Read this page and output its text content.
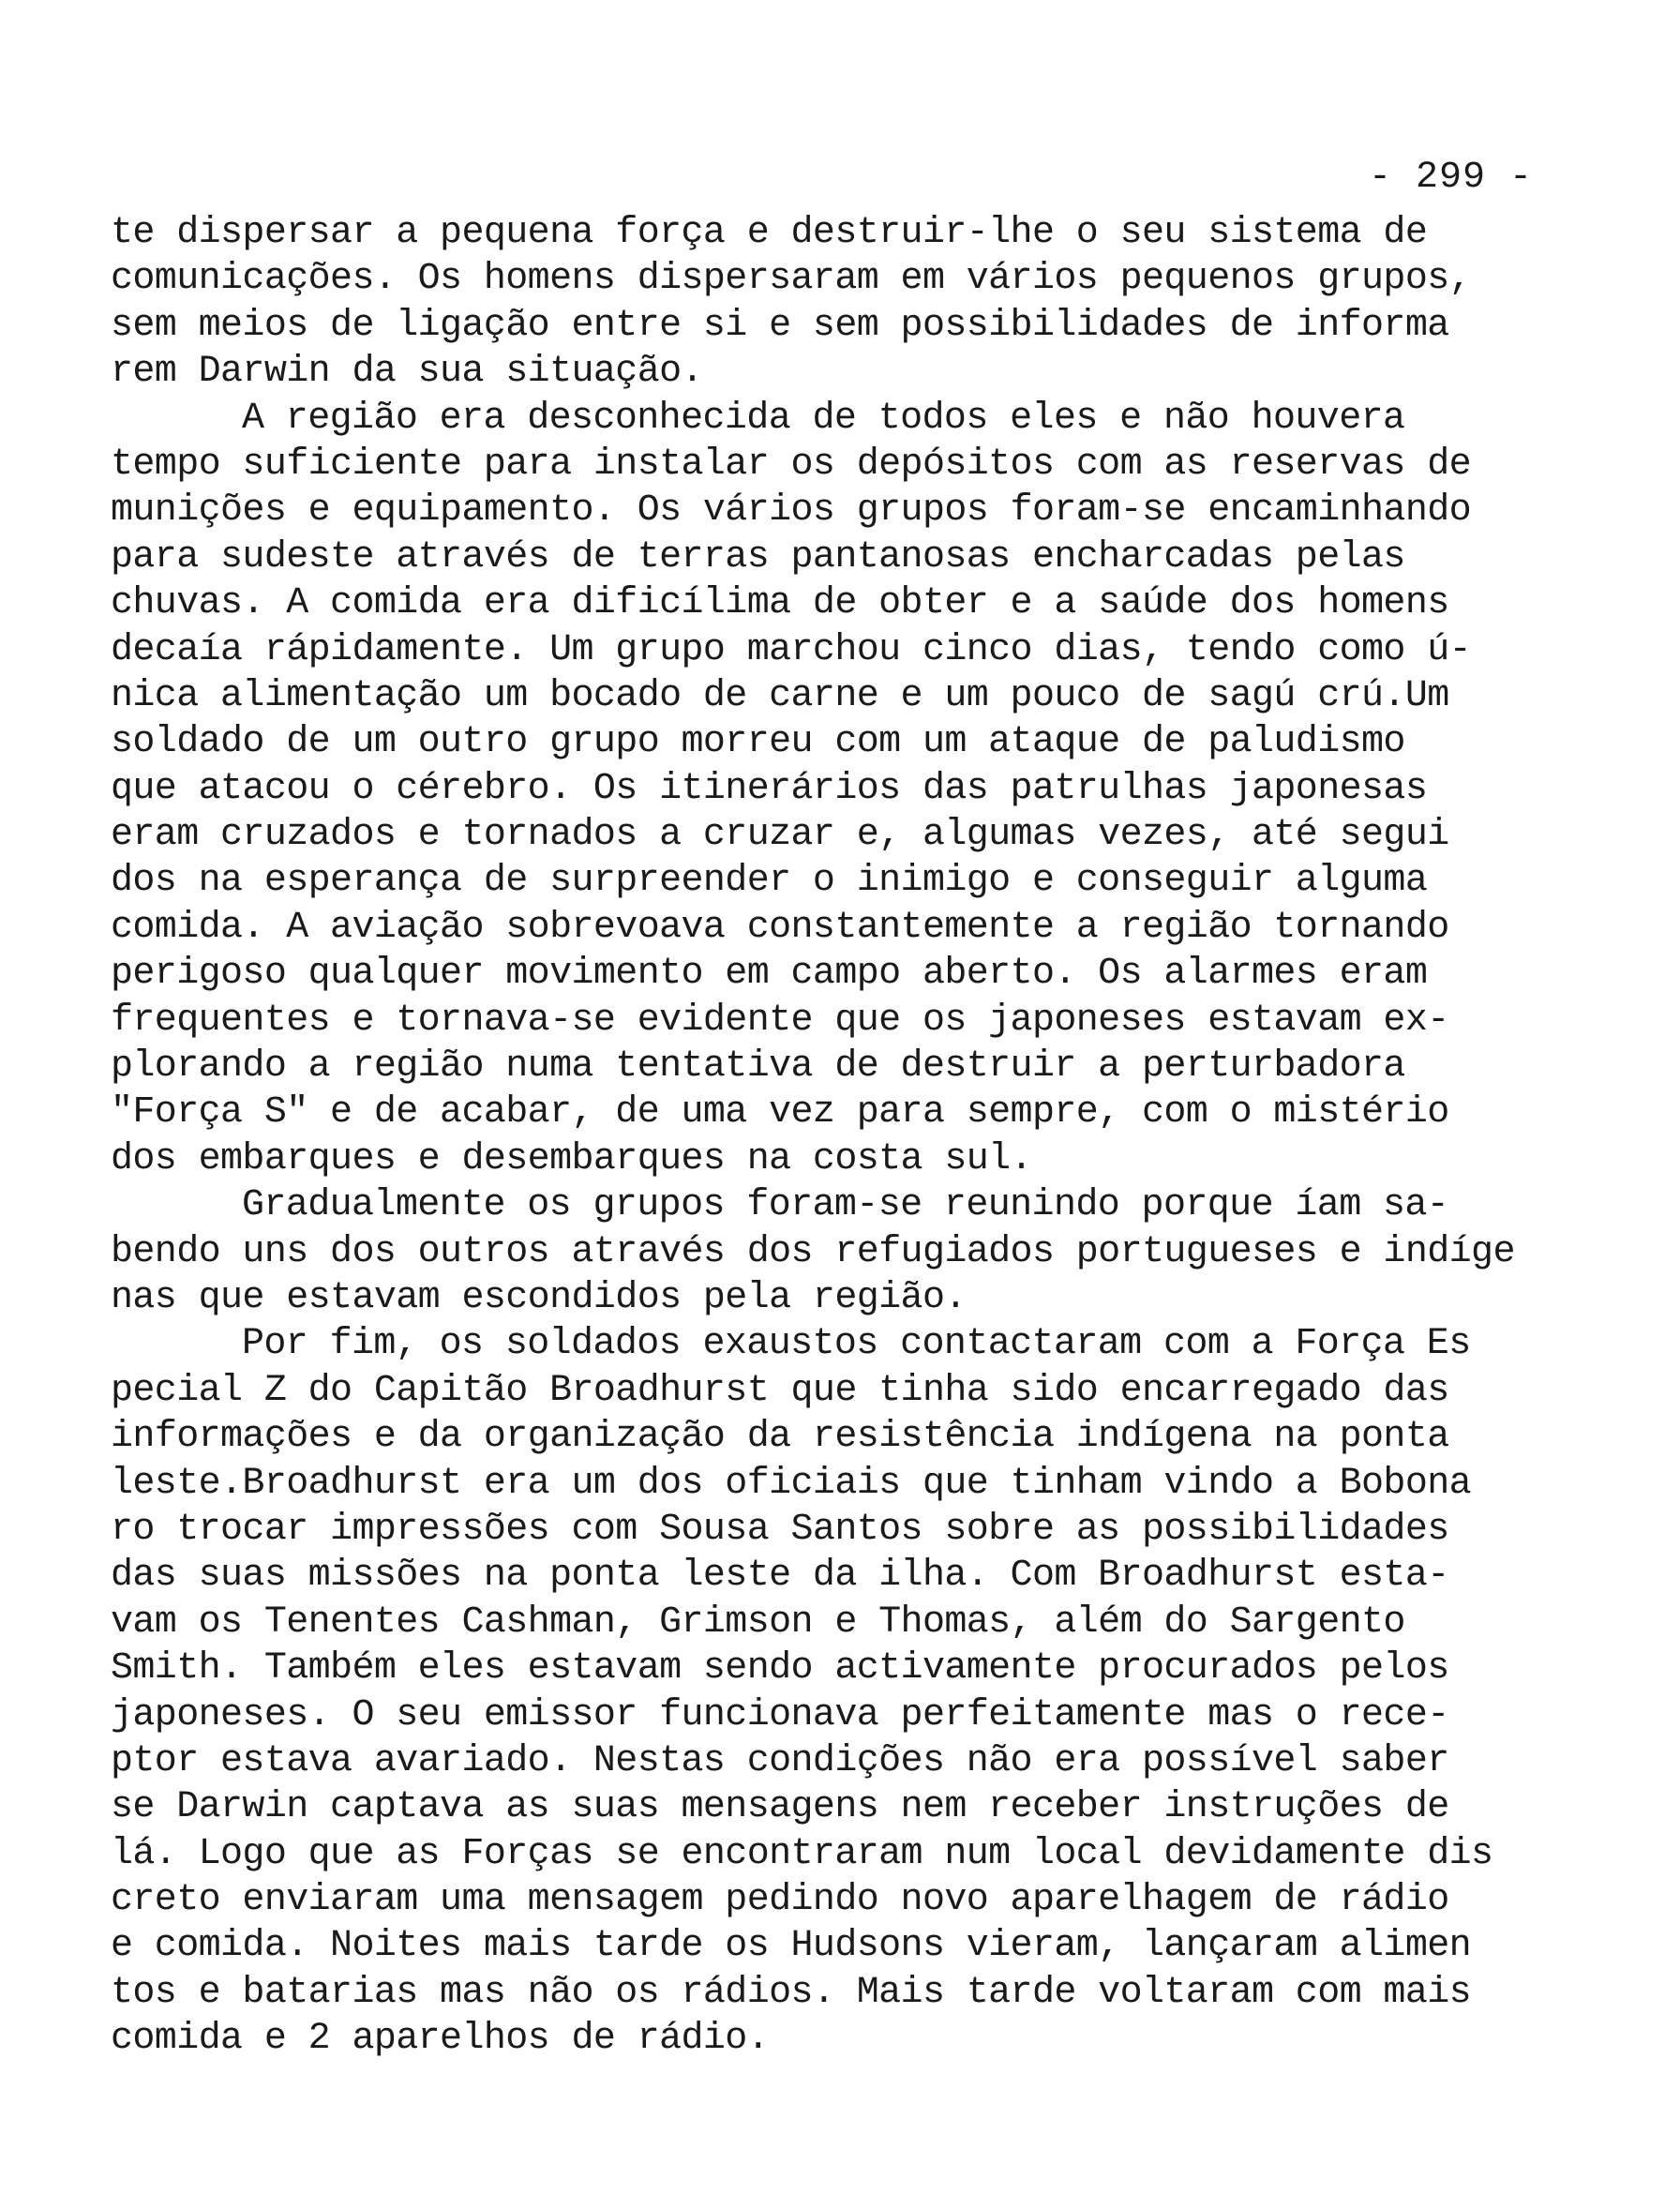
- 299 -
te dispersar a pequena força e destruir-lhe o seu sistema de
comunicações. Os homens dispersaram em vários pequenos grupos,
sem meios de ligação entre si e sem possibilidades de informa
rem Darwin da sua situação.
A região era desconhecida de todos eles e não houvera
tempo suficiente para instalar os depósitos com as reservas de
munições e equipamento. Os vários grupos foram-se encaminhando
para sudeste através de terras pantanosas encharcadas pelas
chuvas. A comida era dificílima de obter e a saúde dos homens
decaía rápidamente. Um grupo marchou cinco dias, tendo como ú-
nica alimentação um bocado de carne e um pouco de sagú crú.Um
soldado de um outro grupo morreu com um ataque de paludismo
que atacou o cérebro. Os itinerários das patrulhas japonesas
eram cruzados e tornados a cruzar e, algumas vezes, até segui
dos na esperança de surpreender o inimigo e conseguir alguma
comida. A aviação sobrevoava constantemente a região tornando
perigoso qualquer movimento em campo aberto. Os alarmes eram
frequentes e tornava-se evidente que os japoneses estavam ex-
plorando a região numa tentativa de destruir a perturbadora
"Força S" e de acabar, de uma vez para sempre, com o mistério
dos embarques e desembarques na costa sul.
Gradualmente os grupos foram-se reunindo porque íam sa-
bendo uns dos outros através dos refugiados portugueses e indíge
nas que estavam escondidos pela região.
Por fim, os soldados exaustos contactaram com a Força Es
pecial Z do Capitão Broadhurst que tinha sido encarregado das
informações e da organização da resistência indígena na ponta
leste.Broadhurst era um dos oficiais que tinham vindo a Bobona
ro trocar impressões com Sousa Santos sobre as possibilidades
das suas missões na ponta leste da ilha. Com Broadhurst esta-
vam os Tenentes Cashman, Grimson e Thomas, além do Sargento
Smith. Também eles estavam sendo activamente procurados pelos
japoneses. O seu emissor funcionava perfeitamente mas o rece-
ptor estava avariado. Nestas condições não era possível saber
se Darwin captava as suas mensagens nem receber instruções de
lá. Logo que as Forças se encontraram num local devidamente dis
creto enviaram uma mensagem pedindo novo aparelhagem de rádio
e comida. Noites mais tarde os Hudsons vieram, lançaram alimen
tos e batarias mas não os rádios. Mais tarde voltaram com mais
comida e 2 aparelhos de rádio.
